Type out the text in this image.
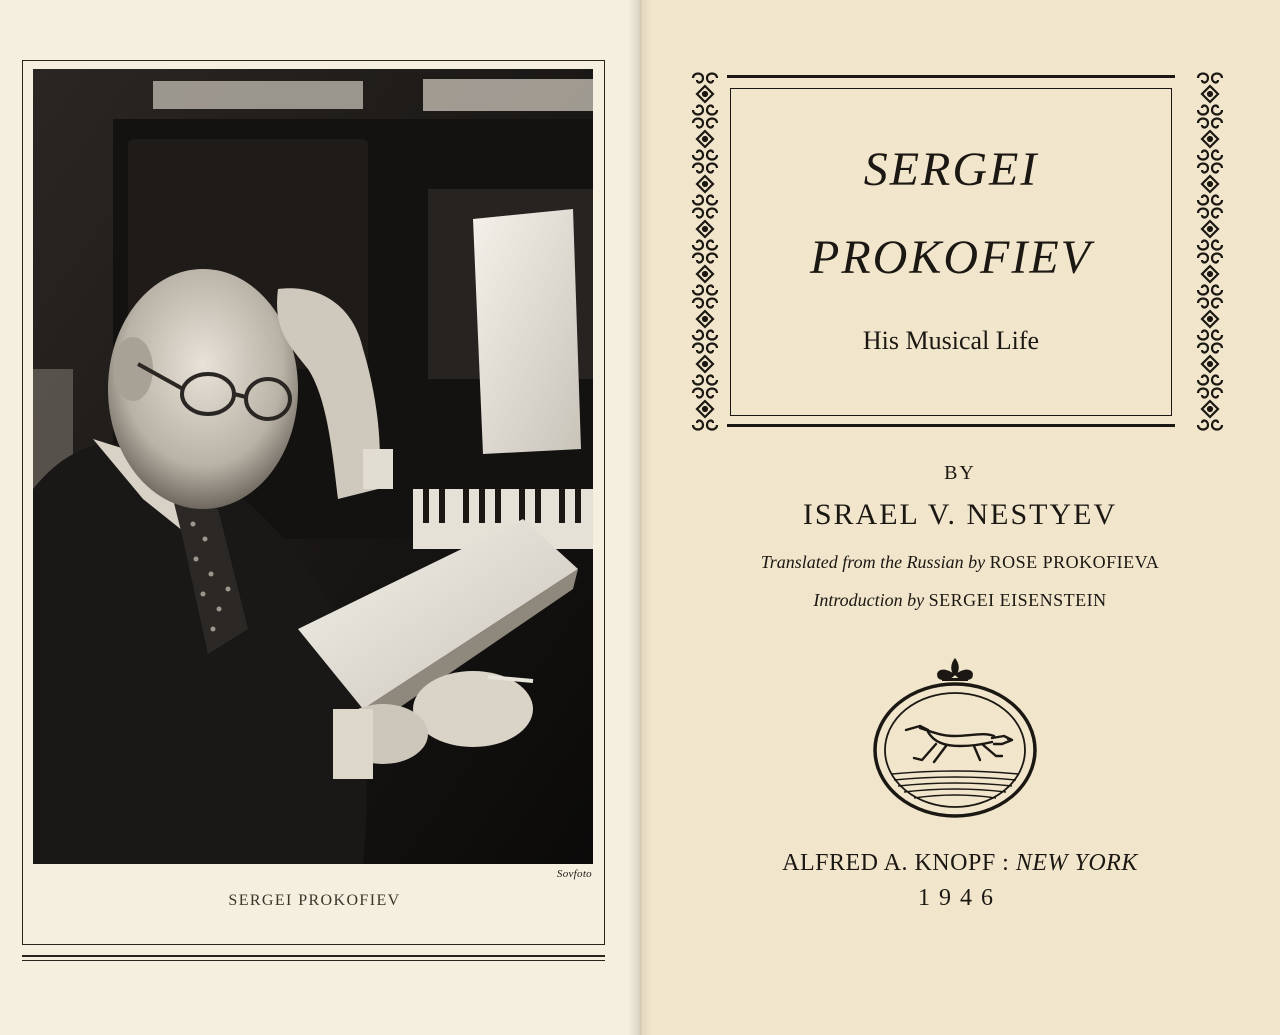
Sovfoto
SERGEI PROKOFIEV

SERGEI
PROKOFIEV
His Musical Life
BY
ISRAEL V. NESTYEV
Translated from the Russian by ROSE PROKOFIEVA
Introduction by SERGEI EISENSTEIN
ALFRED A. KNOPF : NEW YORK
1946
